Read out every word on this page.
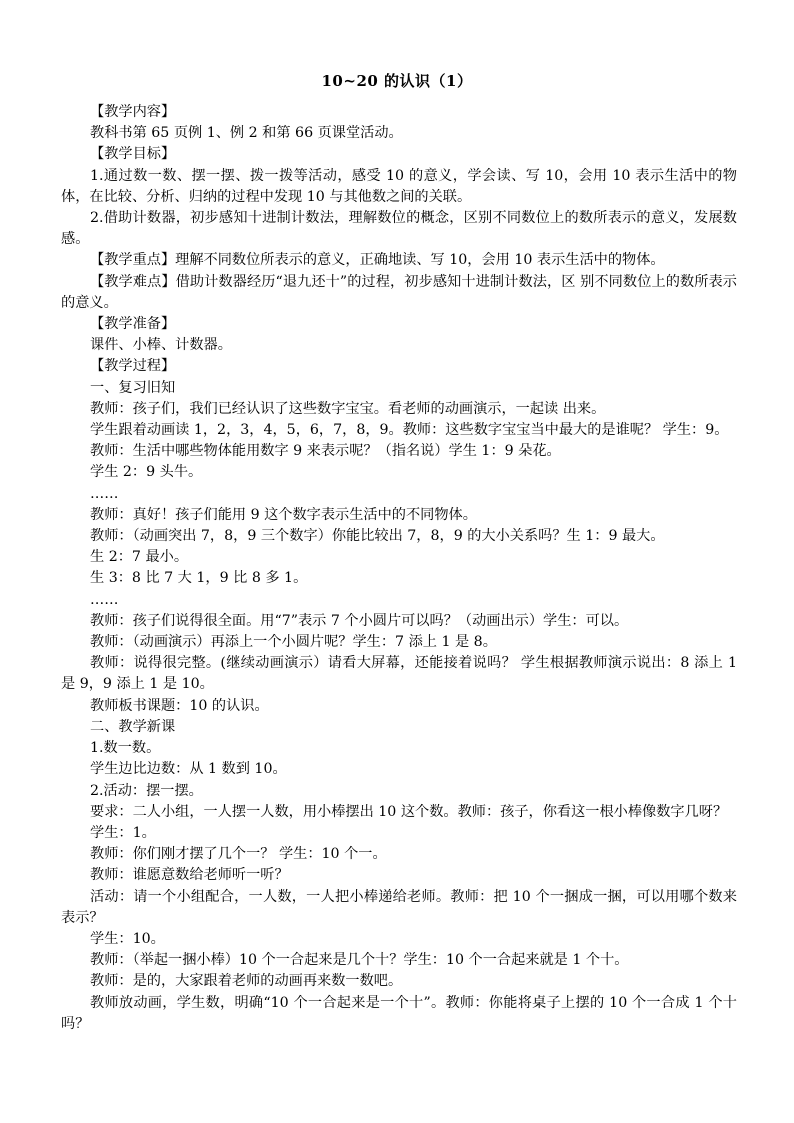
10~20 的认识（1）

【教学内容】

教科书第 65 页例 1、例 2 和第 66 页课堂活动。

【教学目标】

1.通过数一数、摆一摆、拨一拨等活动，感受 10 的意义，学会读、写 10，会用 10 表示生活中的物体，在比较、分析、归纳的过程中发现 10 与其他数之间的关联。

2.借助计数器，初步感知十进制计数法，理解数位的概念，区别不同数位上的数所表示的意义，发展数感。

【教学重点】理解不同数位所表示的意义，正确地读、写 10，会用 10 表示生活中的物体。

【教学难点】借助计数器经历“退九还十”的过程，初步感知十进制计数法，区 别不同数位上的数所表示的意义。

【教学准备】

课件、小棒、计数器。

【教学过程】

一、复习旧知

教师：孩子们，我们已经认识了这些数字宝宝。看老师的动画演示，一起读 出来。

学生跟着动画读 1，2，3，4，5，6，7，8，9。教师：这些数字宝宝当中最大的是谁呢？ 学生：9。

教师：生活中哪些物体能用数字 9 来表示呢？（指名说）学生 1：9 朵花。

学生 2：9 头牛。

……

教师：真好！孩子们能用 9 这个数字表示生活中的不同物体。

教师：（动画突出 7，8，9 三个数字）你能比较出 7，8，9 的大小关系吗？生 1：9 最大。

生 2：7 最小。

生 3：8 比 7 大 1，9 比 8 多 1。

……

教师：孩子们说得很全面。用“7”表示 7 个小圆片可以吗？（动画出示）学生：可以。

教师：（动画演示）再添上一个小圆片呢？学生：7 添上 1 是 8。

教师：说得很完整。(继续动画演示）请看大屏幕，还能接着说吗？ 学生根据教师演示说出：8 添上 1 是 9，9 添上 1 是 10。

教师板书课题：10 的认识。

二、教学新课

1.数一数。

学生边比边数：从 1 数到 10。

2.活动：摆一摆。

要求：二人小组，一人摆一人数，用小棒摆出 10 这个数。教师：孩子，你看这一根小棒像数字几呀？

学生：1。

教师：你们刚才摆了几个一？ 学生：10 个一。

教师：谁愿意数给老师听一听？

活动：请一个小组配合，一人数，一人把小棒递给老师。教师：把 10 个一捆成一捆，可以用哪个数来表示？

学生：10。

教师：（举起一捆小棒）10 个一合起来是几个十？学生：10 个一合起来就是 1 个十。

教师：是的，大家跟着老师的动画再来数一数吧。

教师放动画，学生数，明确“10 个一合起来是一个十”。教师：你能将桌子上摆的 10 个一合成 1 个十吗？
